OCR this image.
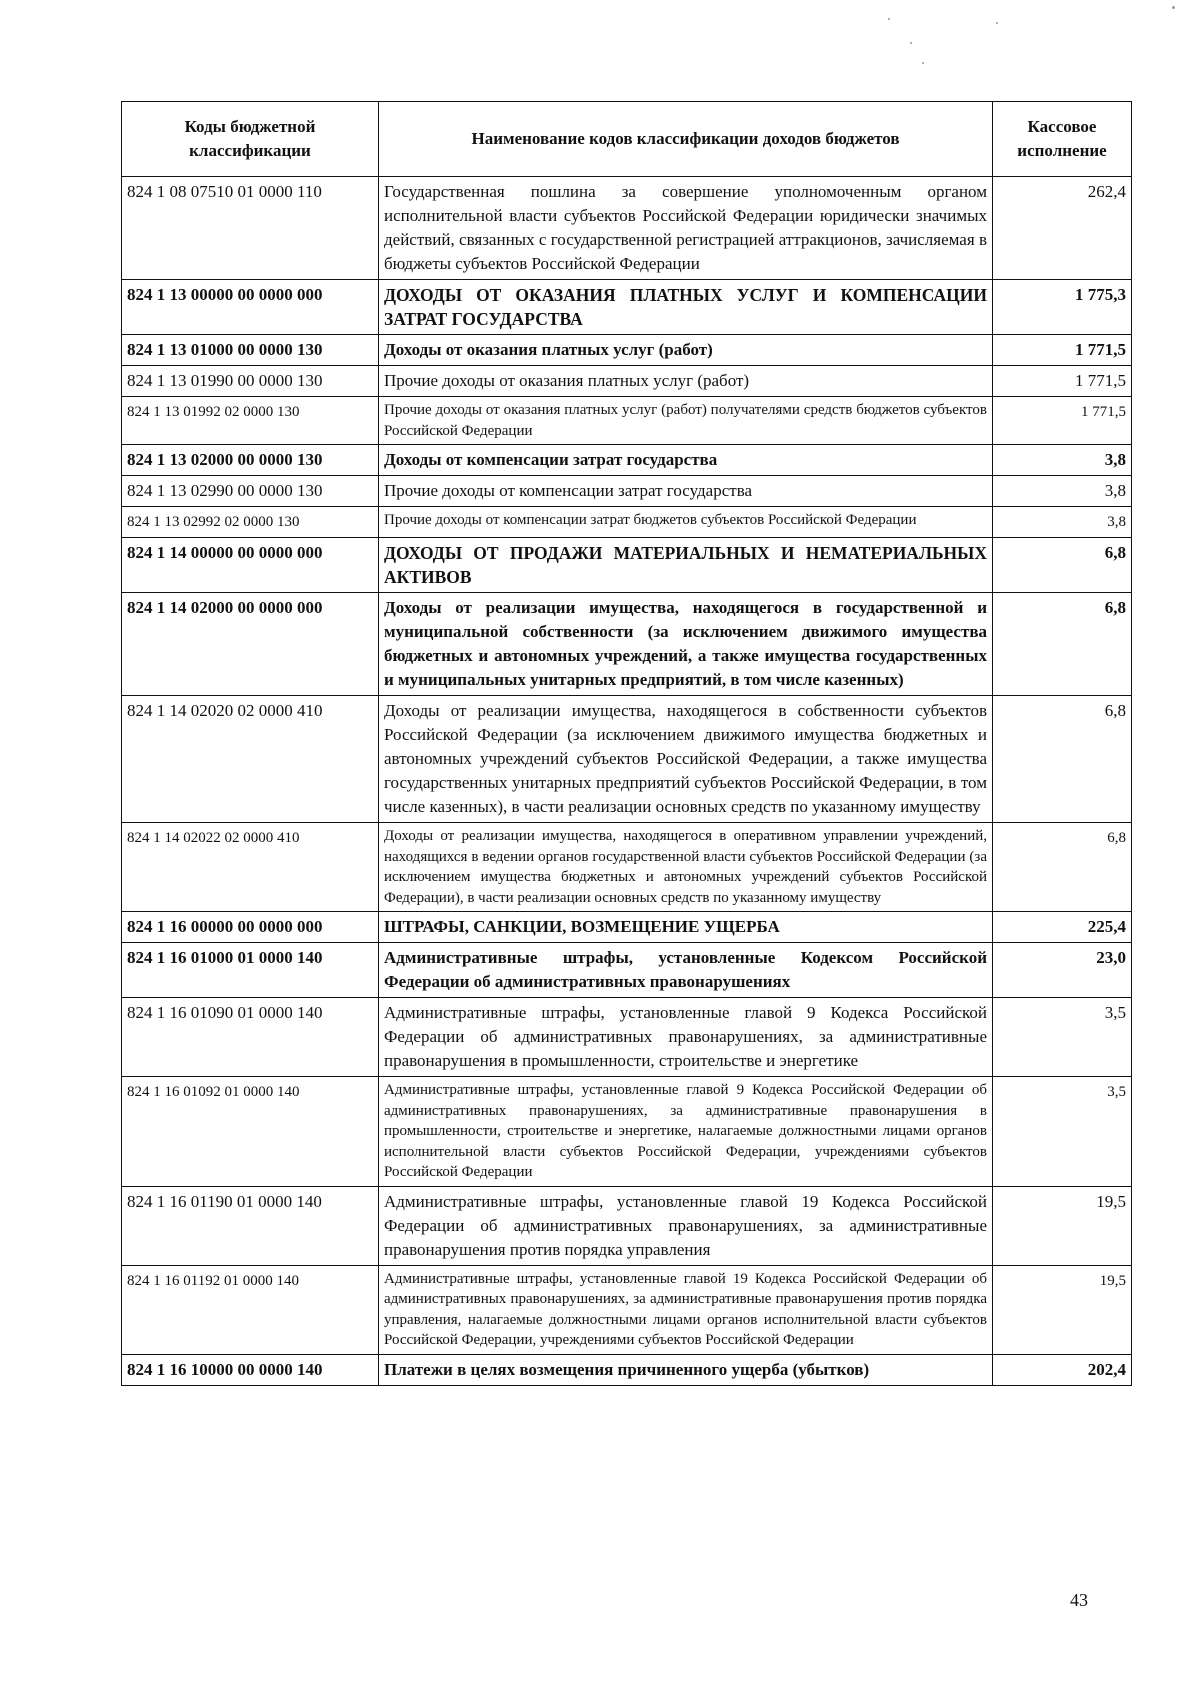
Коды бюджетной классификации	Наименование кодов классификации доходов бюджетов	Кассовое исполнение
824 1 08 07510 01 0000 110	Государственная пошлина за совершение уполномоченным органом исполнительной власти субъектов Российской Федерации юридически значимых действий, связанных с государственной регистрацией аттракционов, зачисляемая в бюджеты субъектов Российской Федерации	262,4
824 1 13 00000 00 0000 000	ДОХОДЫ ОТ ОКАЗАНИЯ ПЛАТНЫХ УСЛУГ И КОМПЕНСАЦИИ ЗАТРАТ ГОСУДАРСТВА	1 775,3
824 1 13 01000 00 0000 130	Доходы от оказания платных услуг (работ)	1 771,5
824 1 13 01990 00 0000 130	Прочие доходы от оказания платных услуг (работ)	1 771,5
824 1 13 01992 02 0000 130	Прочие доходы от оказания платных услуг (работ) получателями средств бюджетов субъектов Российской Федерации	1 771,5
824 1 13 02000 00 0000 130	Доходы от компенсации затрат государства	3,8
824 1 13 02990 00 0000 130	Прочие доходы от компенсации затрат государства	3,8
824 1 13 02992 02 0000 130	Прочие доходы от компенсации затрат бюджетов субъектов Российской Федерации	3,8
824 1 14 00000 00 0000 000	ДОХОДЫ ОТ ПРОДАЖИ МАТЕРИАЛЬНЫХ И НЕМАТЕРИАЛЬНЫХ АКТИВОВ	6,8
824 1 14 02000 00 0000 000	Доходы от реализации имущества, находящегося в государственной и муниципальной собственности (за исключением движимого имущества бюджетных и автономных учреждений, а также имущества государственных и муниципальных унитарных предприятий, в том числе казенных)	6,8
824 1 14 02020 02 0000 410	Доходы от реализации имущества, находящегося в собственности субъектов Российской Федерации (за исключением движимого имущества бюджетных и автономных учреждений субъектов Российской Федерации, а также имущества государственных унитарных предприятий субъектов Российской Федерации, в том числе казенных), в части реализации основных средств по указанному имуществу	6,8
824 1 14 02022 02 0000 410	Доходы от реализации имущества, находящегося в оперативном управлении учреждений, находящихся в ведении органов государственной власти субъектов Российской Федерации (за исключением имущества бюджетных и автономных учреждений субъектов Российской Федерации), в части реализации основных средств по указанному имуществу	6,8
824 1 16 00000 00 0000 000	ШТРАФЫ, САНКЦИИ, ВОЗМЕЩЕНИЕ УЩЕРБА	225,4
824 1 16 01000 01 0000 140	Административные штрафы, установленные Кодексом Российской Федерации об административных правонарушениях	23,0
824 1 16 01090 01 0000 140	Административные штрафы, установленные главой 9 Кодекса Российской Федерации об административных правонарушениях, за административные правонарушения в промышленности, строительстве и энергетике	3,5
824 1 16 01092 01 0000 140	Административные штрафы, установленные главой 9 Кодекса Российской Федерации об административных правонарушениях, за административные правонарушения в промышленности, строительстве и энергетике, налагаемые должностными лицами органов исполнительной власти субъектов Российской Федерации, учреждениями субъектов Российской Федерации	3,5
824 1 16 01190 01 0000 140	Административные штрафы, установленные главой 19 Кодекса Российской Федерации об административных правонарушениях, за административные правонарушения против порядка управления	19,5
824 1 16 01192 01 0000 140	Административные штрафы, установленные главой 19 Кодекса Российской Федерации об административных правонарушениях, за административные правонарушения против порядка управления, налагаемые должностными лицами органов исполнительной власти субъектов Российской Федерации, учреждениями субъектов Российской Федерации	19,5
824 1 16 10000 00 0000 140	Платежи в целях возмещения причиненного ущерба (убытков)	202,4
43
